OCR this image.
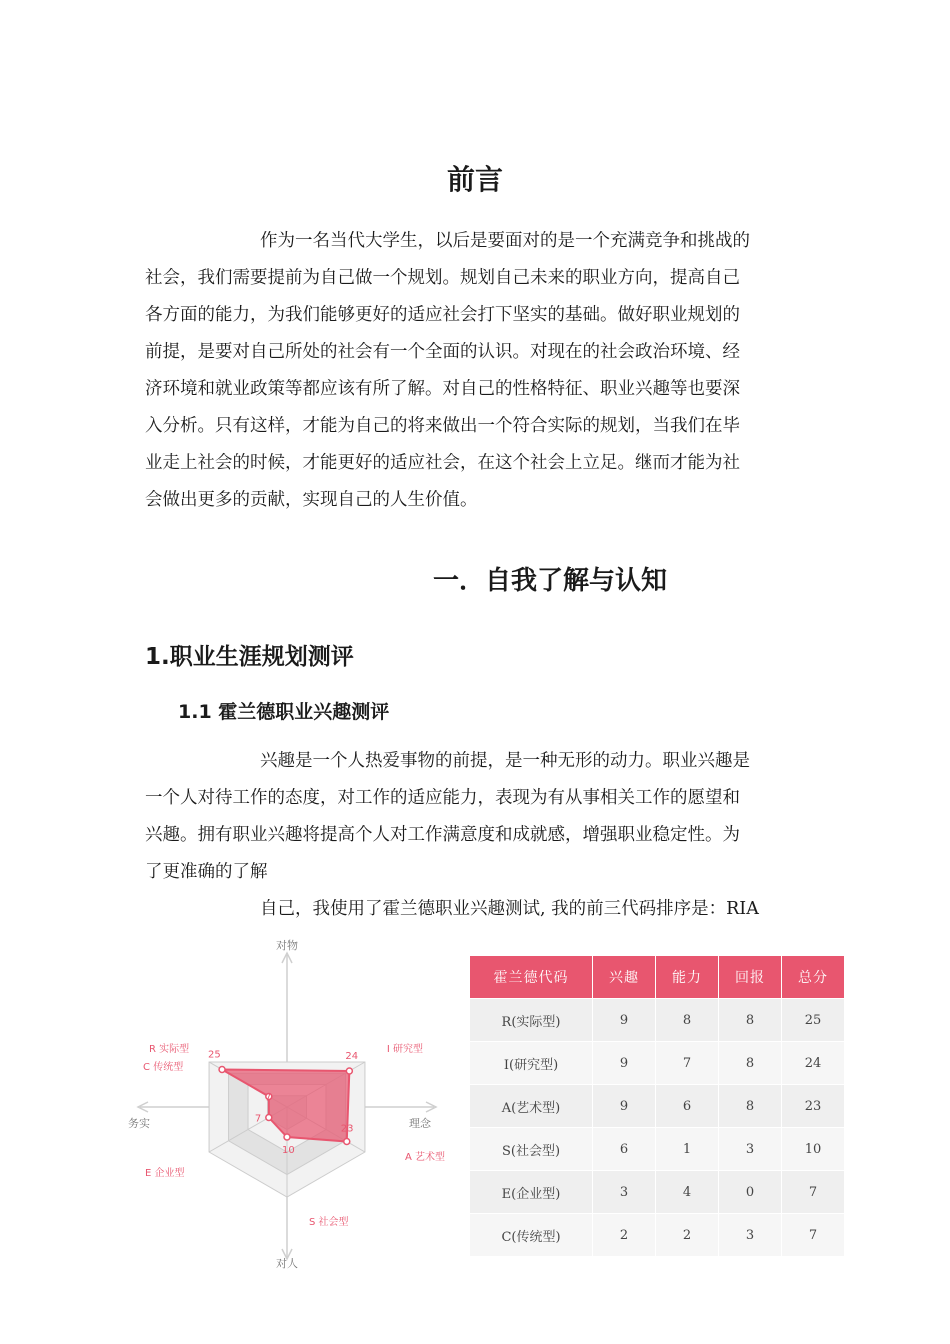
前言
作为一名当代大学生，以后是要面对的是一个充满竞争和挑战的
社会，我们需要提前为自己做一个规划。规划自己未来的职业方向，提高自己
各方面的能力，为我们能够更好的适应社会打下坚实的基础。做好职业规划的
前提，是要对自己所处的社会有一个全面的认识。对现在的社会政治环境、经
济环境和就业政策等都应该有所了解。对自己的性格特征、职业兴趣等也要深
入分析。只有这样，才能为自己的将来做出一个符合实际的规划，当我们在毕
业走上社会的时候，才能更好的适应社会，在这个社会上立足。继而才能为社
会做出更多的贡献，实现自己的人生价值。
一．自我了解与认知
1.职业生涯规划测评
1.1 霍兰德职业兴趣测评
兴趣是一个人热爱事物的前提，是一种无形的动力。职业兴趣是
一个人对待工作的态度，对工作的适应能力，表现为有从事相关工作的愿望和
兴趣。拥有职业兴趣将提高个人对工作满意度和成就感，增强职业稳定性。为
了更准确的了解
自己，我使用了霍兰德职业兴趣测试, 我的前三代码排序是：RIA
25	24
23
10
7
7
R 实际型	I 研究型
A 艺术型
S 社会型
E 企业型
C 传统型
对物
对人
务实	理念
霍兰德代码	兴趣	能力	回报	总分
R(实际型)	9	8	8	25
I(研究型)	9	7	8	24
A(艺术型)	9	6	8	23
S(社会型)	6	1	3	10
E(企业型)	3	4	0	7
C(传统型)	2	2	3	7
